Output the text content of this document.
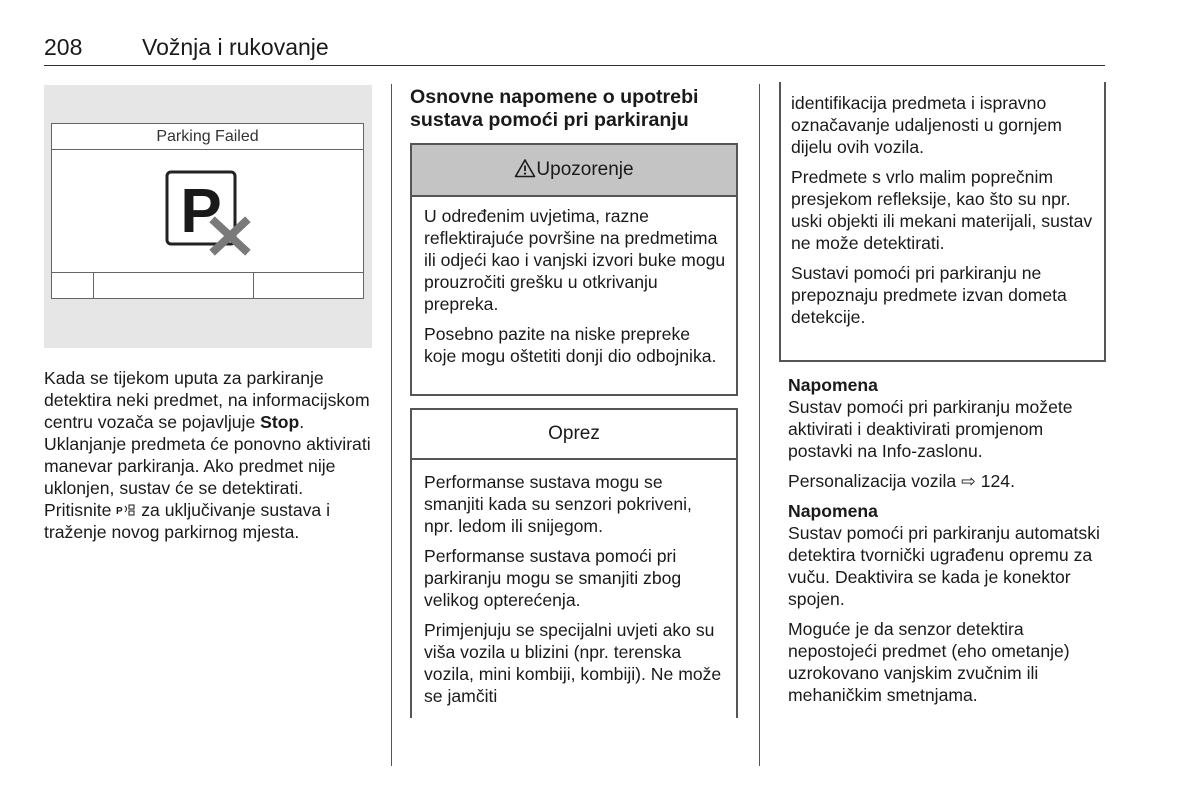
208	Vožnja i rukovanje
Parking Failed
P
Kada se tijekom uputa za parkiranje detektira neki predmet, na informacijskom centru vozača se pojavljuje Stop. Uklanjanje predmeta će ponovno aktivirati manevar parkiranja. Ako predmet nije uklonjen, sustav će se detektirati. Pritisnite P za uključivanje sustava i traženje novog parkirnog mjesta.
Osnovne napomene o upotrebi sustava pomoći pri parkiranju
Upozorenje

U određenim uvjetima, razne reflektirajuće površine na predmetima ili odjeći kao i vanjski izvori buke mogu prouzročiti grešku u otkrivanju prepreka.

Posebno pazite na niske prepreke koje mogu oštetiti donji dio odbojnika.

Oprez

Performanse sustava mogu se smanjiti kada su senzori pokriveni, npr. ledom ili snijegom.

Performanse sustava pomoći pri parkiranju mogu se smanjiti zbog velikog opterećenja.

Primjenjuju se specijalni uvjeti ako su viša vozila u blizini (npr. terenska vozila, mini kombiji, kombiji). Ne može se jamčiti

identifikacija predmeta i ispravno označavanje udaljenosti u gornjem dijelu ovih vozila.

Predmete s vrlo malim poprečnim presjekom refleksije, kao što su npr. uski objekti ili mekani materijali, sustav ne može detektirati.

Sustavi pomoći pri parkiranju ne prepoznaju predmete izvan dometa detekcije.

Napomena

Sustav pomoći pri parkiranju možete aktivirati i deaktivirati promjenom postavki na Info-zaslonu.

Personalizacija vozila ⇨ 124.

Napomena

Sustav pomoći pri parkiranju automatski detektira tvornički ugrađenu opremu za vuču. Deaktivira se kada je konektor spojen.

Moguće je da senzor detektira nepostojeći predmet (eho ometanje) uzrokovano vanjskim zvučnim ili mehaničkim smetnjama.
